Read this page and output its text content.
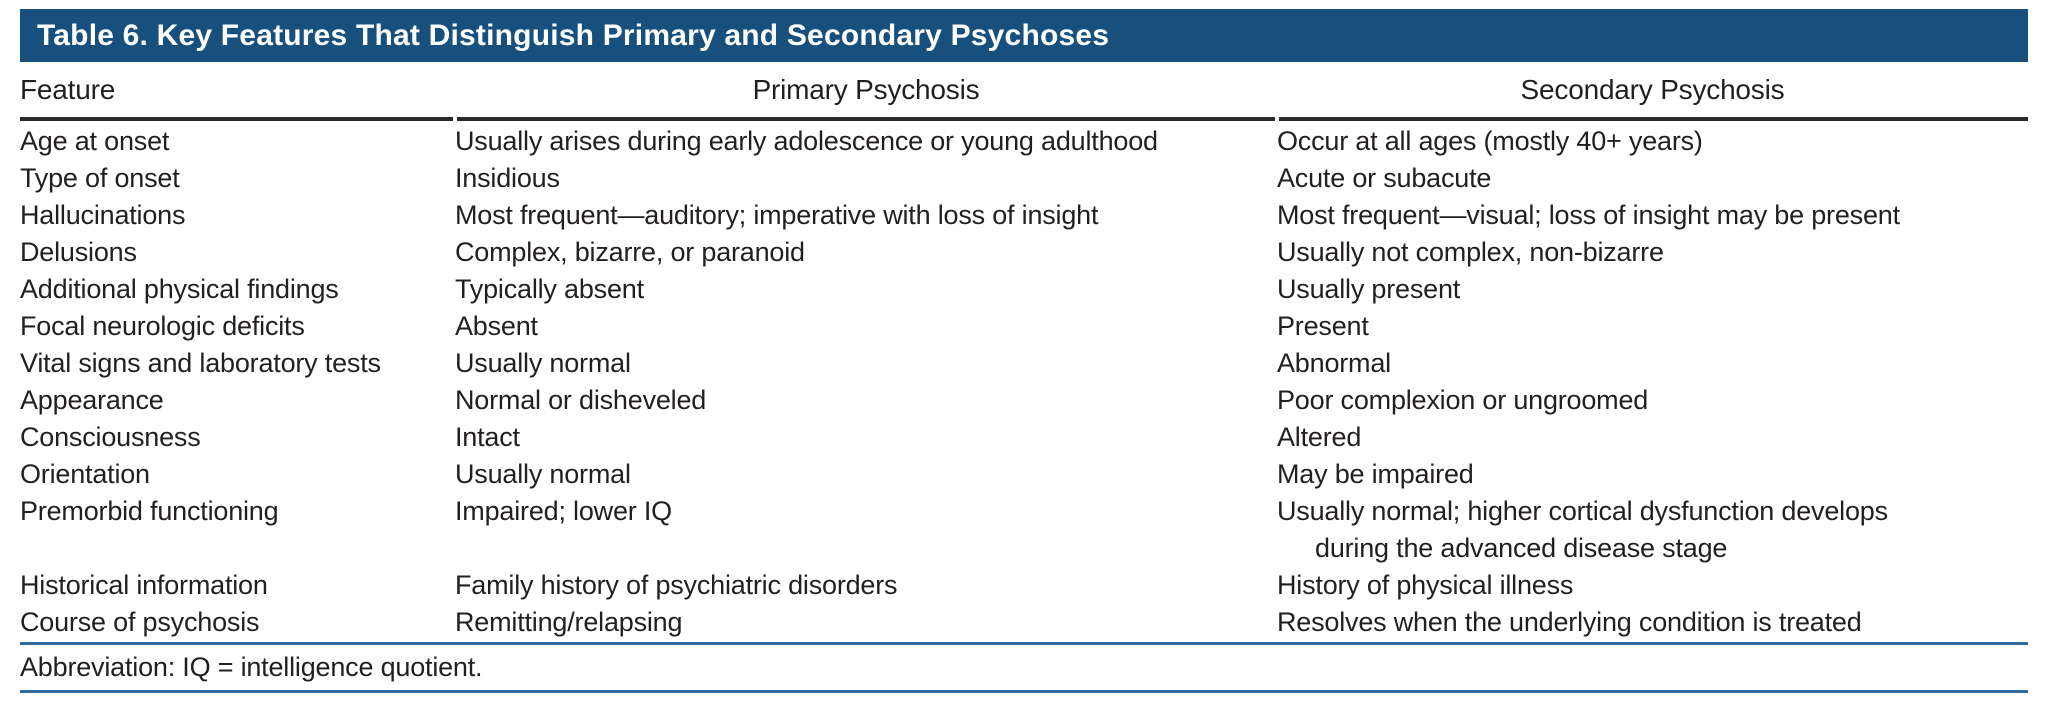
Table 6. Key Features That Distinguish Primary and Secondary Psychoses
Feature	Primary Psychosis	Secondary Psychosis
Age at onset	Usually arises during early adolescence or young adulthood	Occur at all ages (mostly 40+ years)
Type of onset	Insidious	Acute or subacute
Hallucinations	Most frequent—auditory; imperative with loss of insight	Most frequent—visual; loss of insight may be present
Delusions	Complex, bizarre, or paranoid	Usually not complex, non-bizarre
Additional physical findings	Typically absent	Usually present
Focal neurologic deficits	Absent	Present
Vital signs and laboratory tests	Usually normal	Abnormal
Appearance	Normal or disheveled	Poor complexion or ungroomed
Consciousness	Intact	Altered
Orientation	Usually normal	May be impaired
Premorbid functioning	Impaired; lower IQ	Usually normal; higher cortical dysfunction develops
during the advanced disease stage
Historical information	Family history of psychiatric disorders	History of physical illness
Course of psychosis	Remitting/relapsing	Resolves when the underlying condition is treated
Abbreviation: IQ = intelligence quotient.
